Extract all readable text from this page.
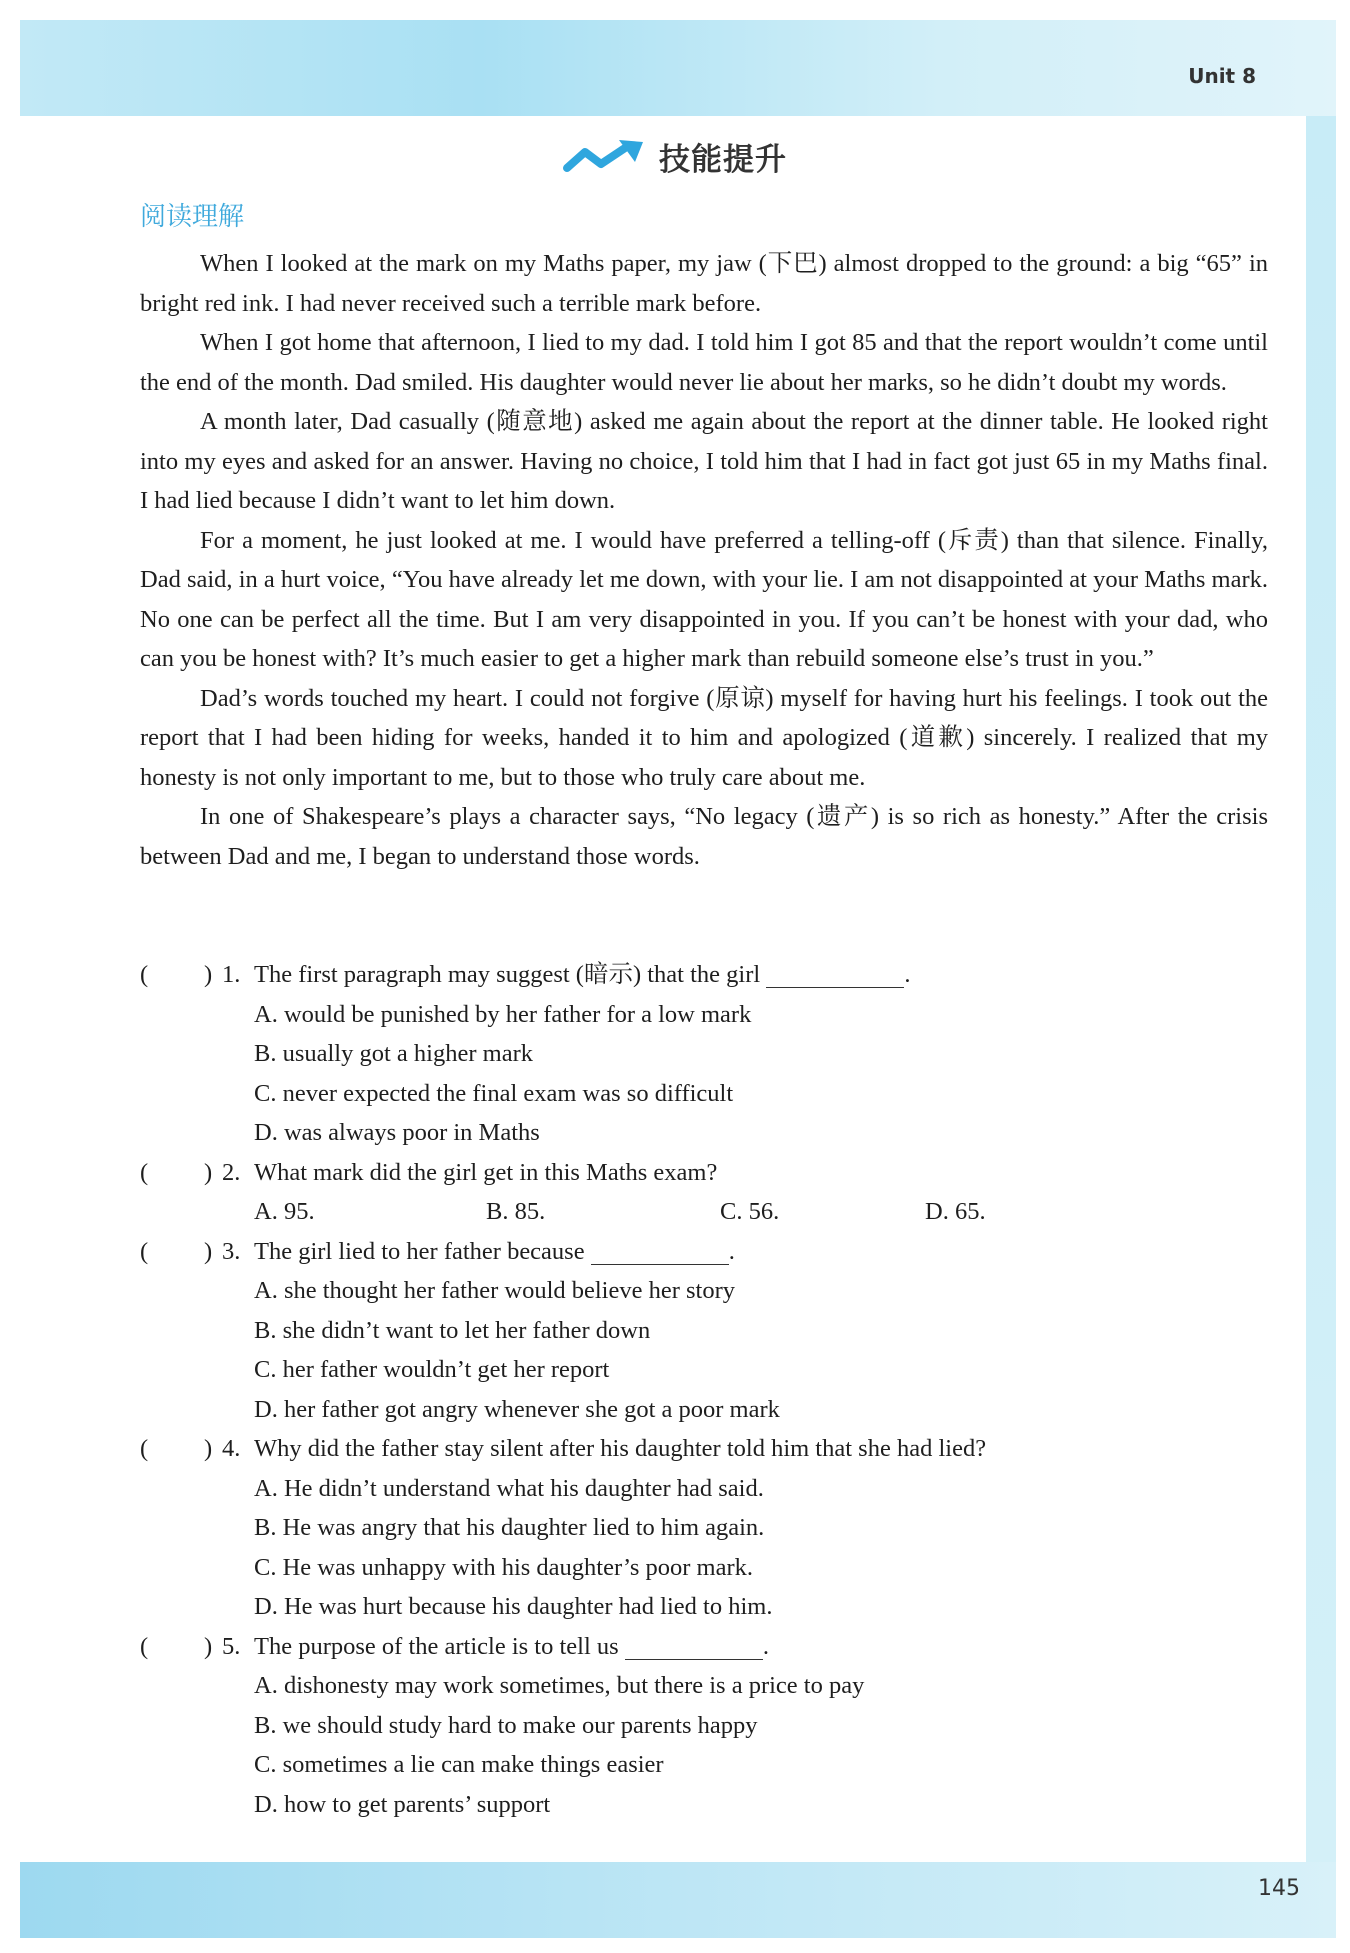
Unit 8
技能提升
阅读理解

When I looked at the mark on my Maths paper, my jaw (下巴) almost dropped to the ground: a big “65” in bright red ink. I had never received such a terrible mark before.

When I got home that afternoon, I lied to my dad. I told him I got 85 and that the report wouldn’t come until the end of the month. Dad smiled. His daughter would never lie about her marks, so he didn’t doubt my words.

A month later, Dad casually (随意地) asked me again about the report at the dinner table. He looked right into my eyes and asked for an answer. Having no choice, I told him that I had in fact got just 65 in my Maths final. I had lied because I didn’t want to let him down.

For a moment, he just looked at me. I would have preferred a telling-off (斥责) than that silence. Finally, Dad said, in a hurt voice, “You have already let me down, with your lie. I am not disappointed at your Maths mark. No one can be perfect all the time. But I am very disappointed in you. If you can’t be honest with your dad, who can you be honest with? It’s much easier to get a higher mark than rebuild someone else’s trust in you.”

Dad’s words touched my heart. I could not forgive (原谅) myself for having hurt his feelings. I took out the report that I had been hiding for weeks, handed it to him and apologized (道歉) sincerely. I realized that my honesty is not only important to me, but to those who truly care about me.

In one of Shakespeare’s plays a character says, “No legacy (遗产) is so rich as honesty.” After the crisis between Dad and me, I began to understand those words.

( ) 1. The first paragraph may suggest (暗示) that the girl	.
A. would be punished by her father for a low mark
B. usually got a higher mark
C. never expected the final exam was so difficult
D. was always poor in Maths
( ) 2. What mark did the girl get in this Maths exam?
A. 95.	B. 85.	C. 56.	D. 65.
( ) 3. The girl lied to her father because	.
A. she thought her father would believe her story
B. she didn’t want to let her father down
C. her father wouldn’t get her report
D. her father got angry whenever she got a poor mark
( ) 4. Why did the father stay silent after his daughter told him that she had lied?
A. He didn’t understand what his daughter had said.
B. He was angry that his daughter lied to him again.
C. He was unhappy with his daughter’s poor mark.
D. He was hurt because his daughter had lied to him.
( ) 5. The purpose of the article is to tell us	.
A. dishonesty may work sometimes, but there is a price to pay
B. we should study hard to make our parents happy
C. sometimes a lie can make things easier
D. how to get parents’ support
145
